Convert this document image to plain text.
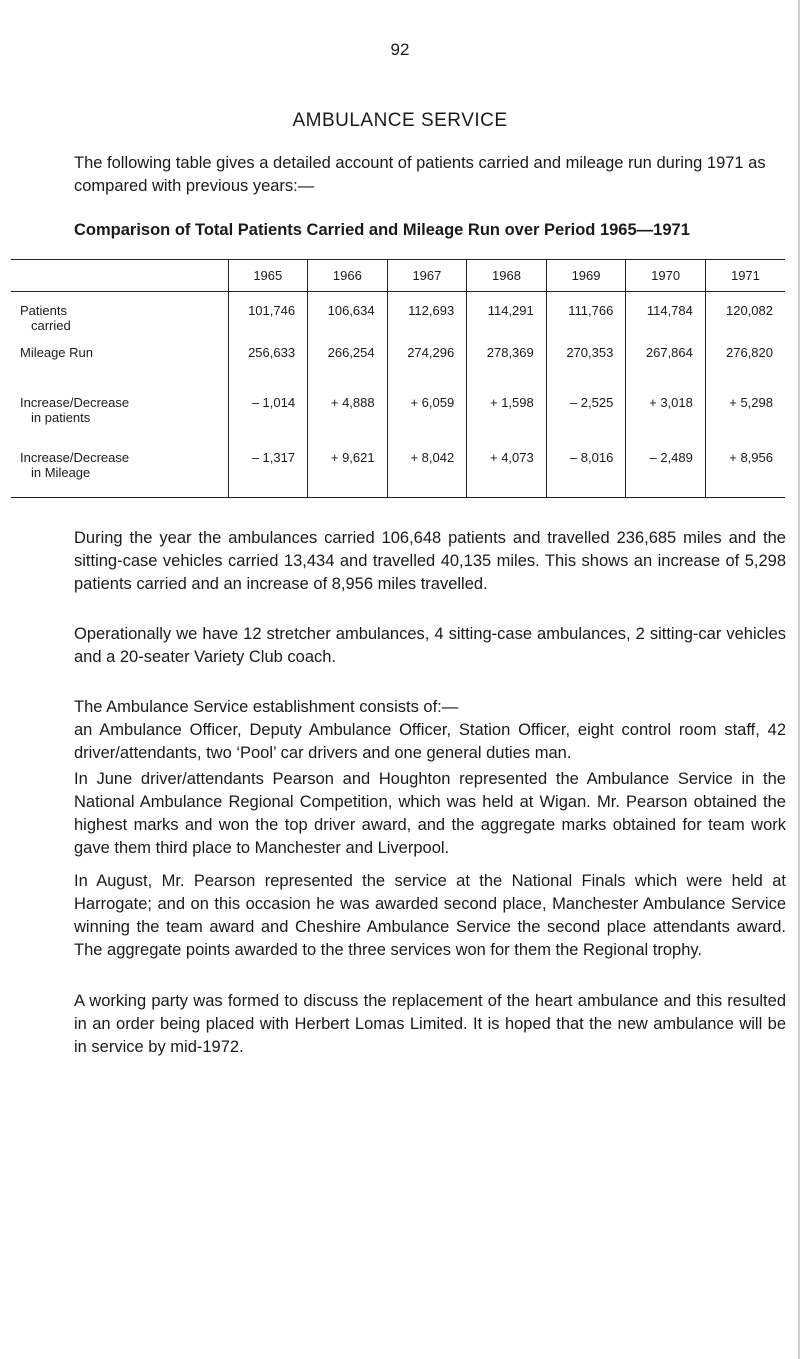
92
AMBULANCE SERVICE

The following table gives a detailed account of patients carried and mileage run during 1971 as compared with previous years:—

Comparison of Total Patients Carried and Mileage Run over Period 1965—1971

	1965	1966	1967	1968	1969	1970	1971
Patients
carried	101,746	106,634	112,693	114,291	111,766	114,784	120,082
Mileage Run	256,633	266,254	274,296	278,369	270,353	267,864	276,820
Increase/Decrease
in patients	– 1,014	+ 4,888	+ 6,059	+ 1,598	– 2,525	+ 3,018	+ 5,298
Increase/Decrease
in Mileage	– 1,317	+ 9,621	+ 8,042	+ 4,073	– 8,016	– 2,489	+ 8,956

During the year the ambulances carried 106,648 patients and travelled 236,685 miles and the sitting-case vehicles carried 13,434 and travelled 40,135 miles. This shows an increase of 5,298 patients carried and an increase of 8,956 miles travelled.

Operationally we have 12 stretcher ambulances, 4 sitting-case ambulances, 2 sitting-car vehicles and a 20-seater Variety Club coach.

The Ambulance Service establishment consists of:—
an Ambulance Officer, Deputy Ambulance Officer, Station Officer, eight control room staff, 42 driver/attendants, two ‘Pool’ car drivers and one general duties man.

In June driver/attendants Pearson and Houghton represented the Ambulance Service in the National Ambulance Regional Competition, which was held at Wigan. Mr. Pearson obtained the highest marks and won the top driver award, and the aggregate marks obtained for team work gave them third place to Manchester and Liverpool.

In August, Mr. Pearson represented the service at the National Finals which were held at Harrogate; and on this occasion he was awarded second place, Manchester Ambulance Service winning the team award and Cheshire Ambulance Service the second place attendants award. The aggregate points awarded to the three services won for them the Regional trophy.

A working party was formed to discuss the replacement of the heart ambulance and this resulted in an order being placed with Herbert Lomas Limited. It is hoped that the new ambulance will be in service by mid-1972.
